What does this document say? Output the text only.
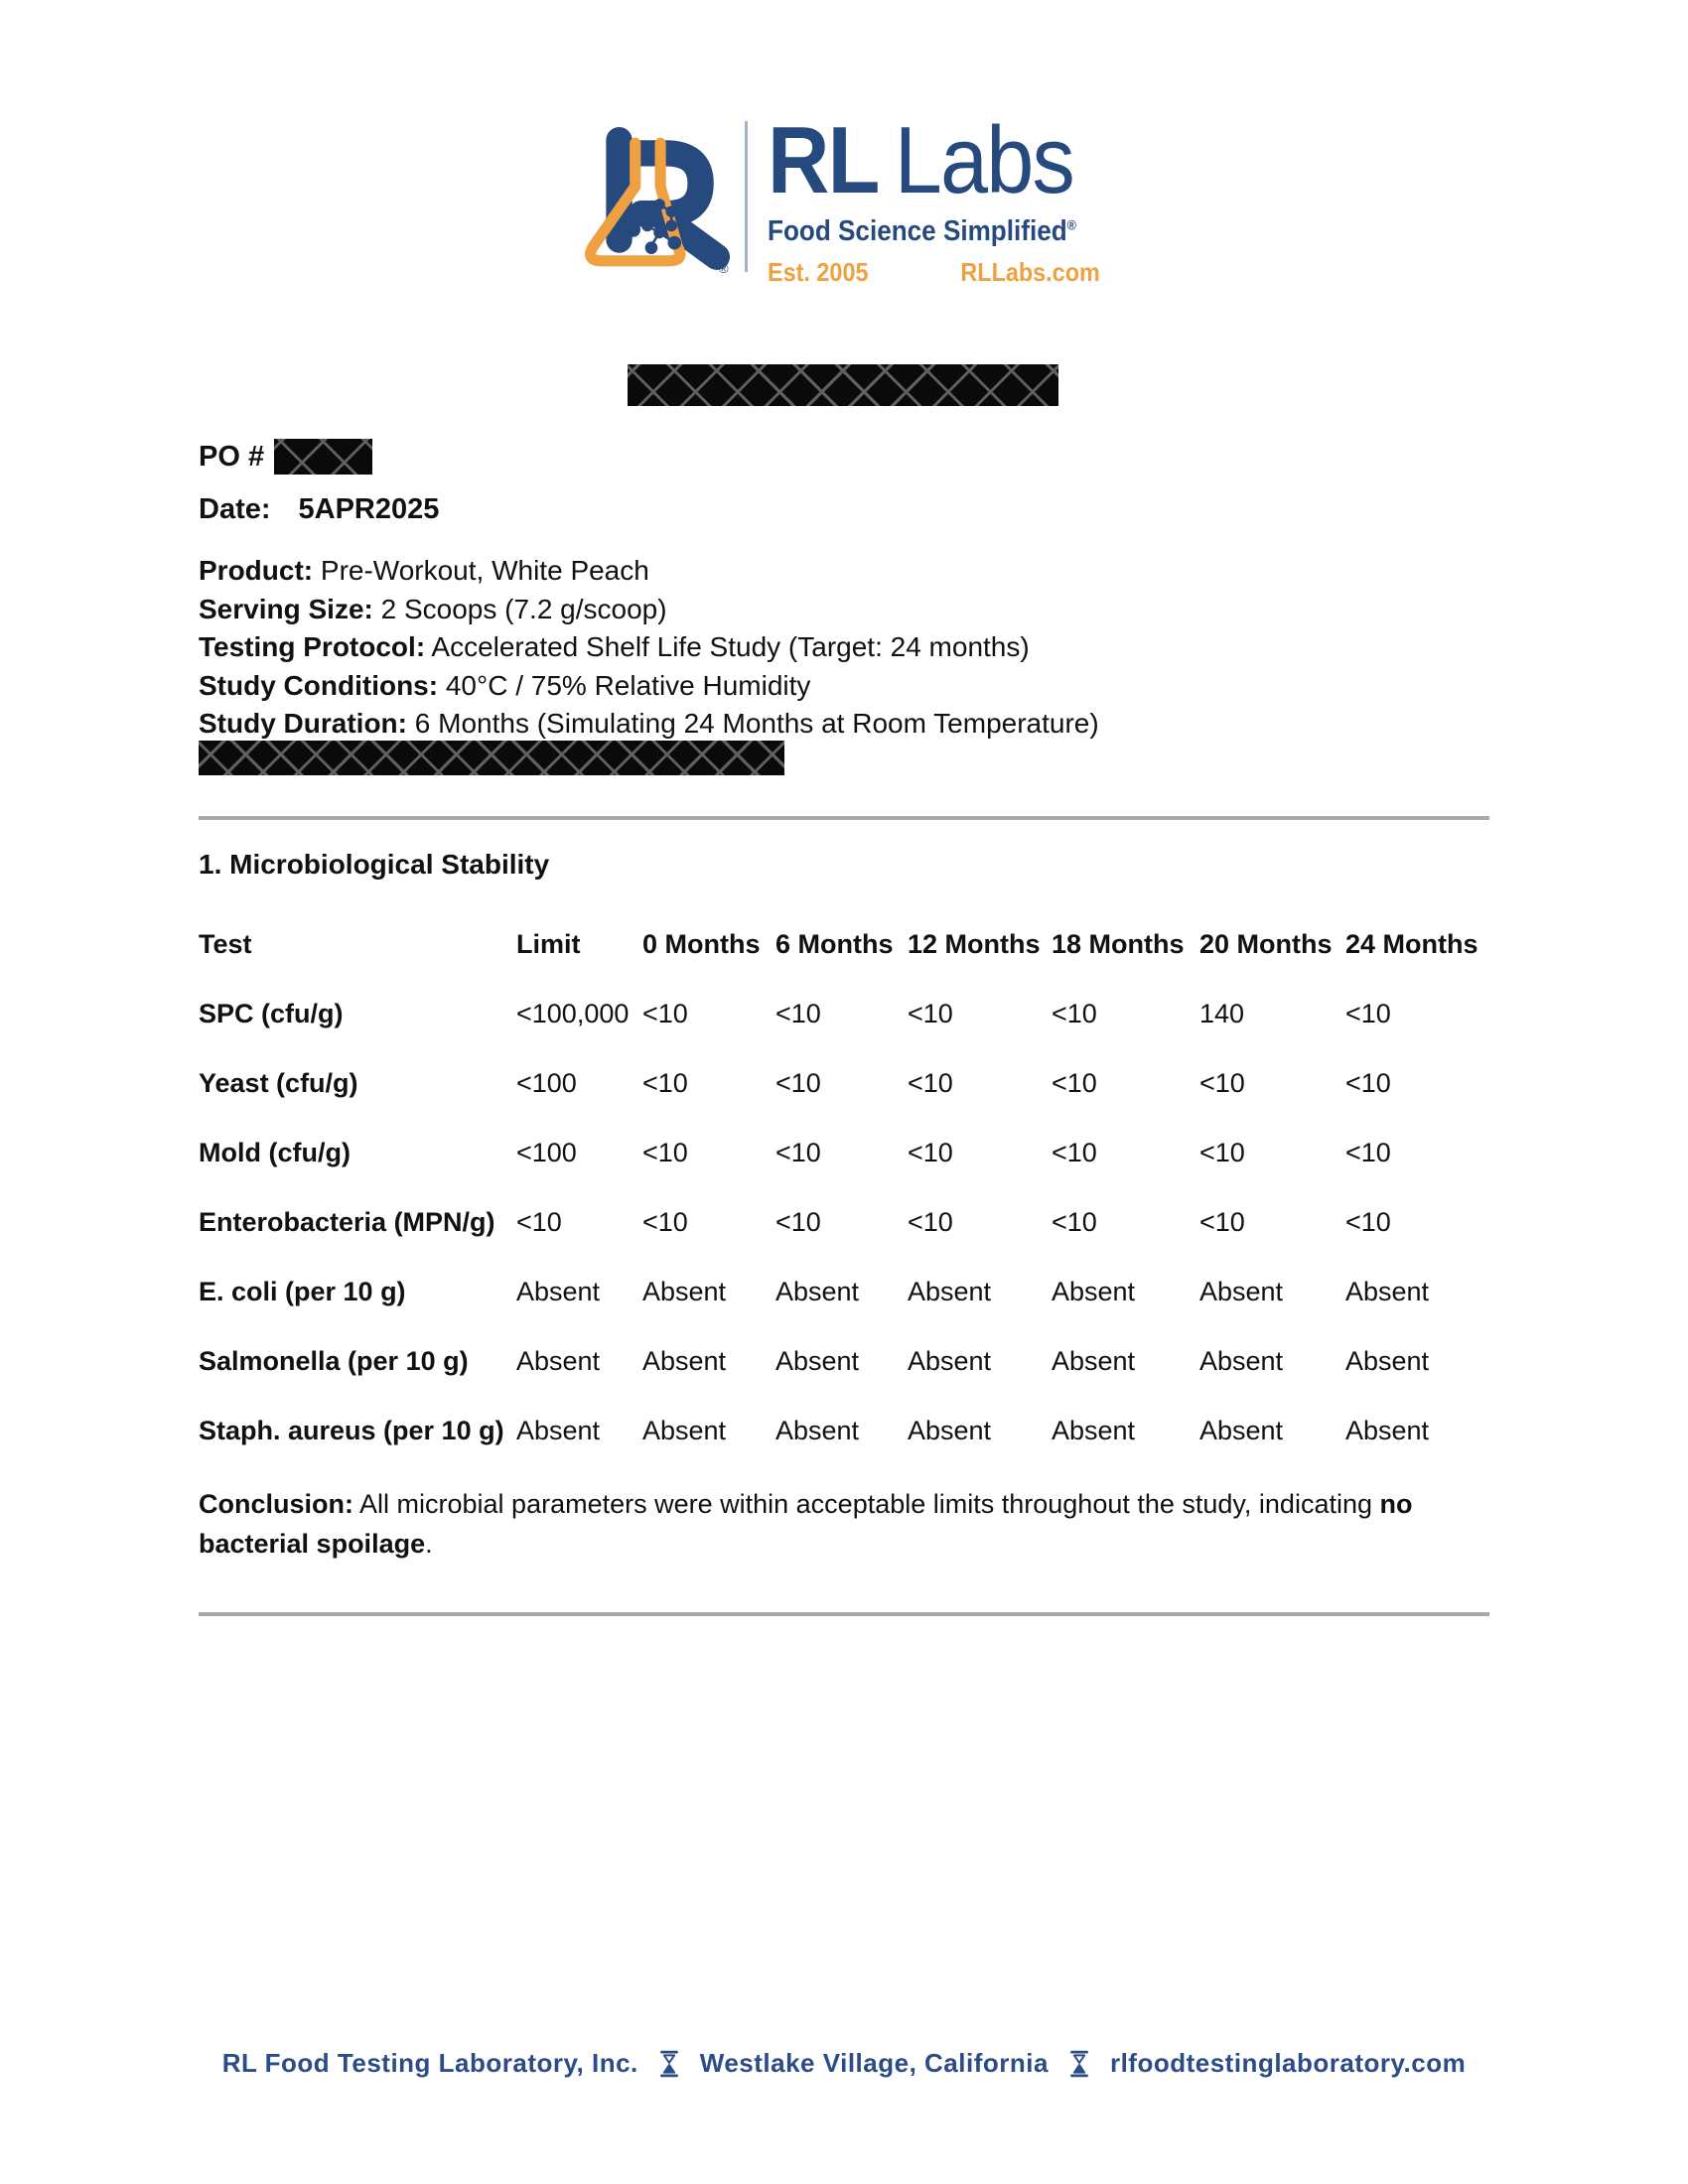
®
RL Labs
Food Science Simplified®
Est. 2005	RLLabs.com
PO #
Date: 5APR2025
Product: Pre-Workout, White Peach
Serving Size: 2 Scoops (7.2 g/scoop)
Testing Protocol: Accelerated Shelf Life Study (Target: 24 months)
Study Conditions: 40°C / 75% Relative Humidity
Study Duration: 6 Months (Simulating 24 Months at Room Temperature)
1. Microbiological Stability
Test	Limit	0 Months 6 Months 12 Months 18 Months 20 Months 24 Months
SPC (cfu/g)	<100,000 <10	<10	<10	<10	140	<10
Yeast (cfu/g)	<100	<10	<10	<10	<10	<10	<10
Mold (cfu/g)	<100	<10	<10	<10	<10	<10	<10
Enterobacteria (MPN/g) <10	<10	<10	<10	<10	<10	<10
E. coli (per 10 g)	Absent	Absent	Absent	Absent	Absent	Absent	Absent
Salmonella (per 10 g)	Absent	Absent	Absent	Absent	Absent	Absent	Absent
Staph. aureus (per 10 g) Absent	Absent	Absent	Absent	Absent	Absent	Absent
Conclusion: All microbial parameters were within acceptable limits throughout the study, indicating no
bacterial spoilage.
RL Food Testing Laboratory, Inc. Westlake Village, California rlfoodtestinglaboratory.com
